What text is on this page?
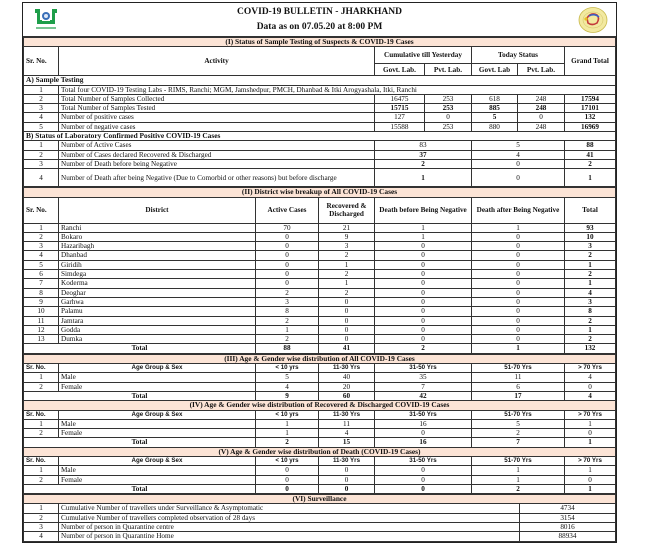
COVID-19 BULLETIN - JHARKHAND
Data as on 07.05.20 at 8:00 PM
(I) Status of Sample Testing of Suspects & COVID-19 Cases						
Sr. No.	Activity	Cumulative till Yesterday		Today Status		Grand Total
		Govt. Lab.	Pvt. Lab.	Govt. Lab	Pvt. Lab.	
A) Sample Testing						
1	Total four COVID-19 Testing Labs - RIMS, Ranchi; MGM, Jamshedpur, PMCH, Dhanbad & Itki Arogyashala, Itki, Ranchi					
2	Total Number of Samples Collected	16475	253	618	248	17594
3	Total Number of Samples Tested	15715	253	885	248	17101
4	Number of positive cases	127	0	5	0	132
5	Number of negative cases	15588	253	880	248	16969
B) Status of Laboratory Confirmed Positive COVID-19 Cases						
1	Number of Active Cases	83		5		88
2	Number of Cases declared Recovered & Discharged	37		4		41
3	Number of Death before being Negative	2		0		2
4	Number of Death after being Negative (Due to Comorbid or other reasons) but before discharge	1		0		1
(II) District wise breakup of All COVID-19 Cases						
Sr. No.	District	Active Cases	Recovered & Discharged	Death before Being Negative	Death after Being Negative	Total
1	Ranchi	70	21	1	1	93
2	Bokaro	0	9	1	0	10
3	Hazaribagh	0	3	0	0	3
4	Dhanbad	0	2	0	0	2
5	Giridih	0	1	0	0	1
6	Simdega	0	2	0	0	2
7	Koderma	0	1	0	0	1
8	Deoghar	2	2	0	0	4
9	Garhwa	3	0	0	0	3
10	Palamu	8	0	0	0	8
11	Jamtara	2	0	0	0	2
12	Godda	1	0	0	0	1
13	Dumka	2	0	0	0	2
Total		88	41	2	1	132
(III) Age & Gender wise distribution of All COVID-19 Cases						
Sr. No.	Age Group & Sex	< 10 yrs	11-30 Yrs	31-50 Yrs	51-70 Yrs	> 70 Yrs
1	Male	5	40	35	11	4
2	Female	4	20	7	6	0
Total		9	60	42	17	4
(IV) Age & Gender wise distribution of Recovered & Discharged COVID-19 Cases						
Sr. No.	Age Group & Sex	< 10 yrs	11-30 Yrs	31-50 Yrs	51-70 Yrs	> 70 Yrs
1	Male	1	11	16	5	1
2	Female	1	4	0	2	0
Total		2	15	16	7	1
(V) Age & Gender wise distribution of Death (COVID-19 Cases)						
Sr. No.	Age Group & Sex	< 10 yrs	11-30 Yrs	31-50 Yrs	51-70 Yrs	> 70 Yrs
1	Male	0	0	0	1	1
2	Female	0	0	0	1	0
Total		0	0	0	2	1
(VI) Surveillance		
1	Cumulative Number of travellers under Surveillance & Asymptomatic	4734
2	Cumulative Number of travellers completed observation of 28 days	3154
3	Number of person in Quarantine centre	8016
4	Number of person in Quarantine Home	88934
